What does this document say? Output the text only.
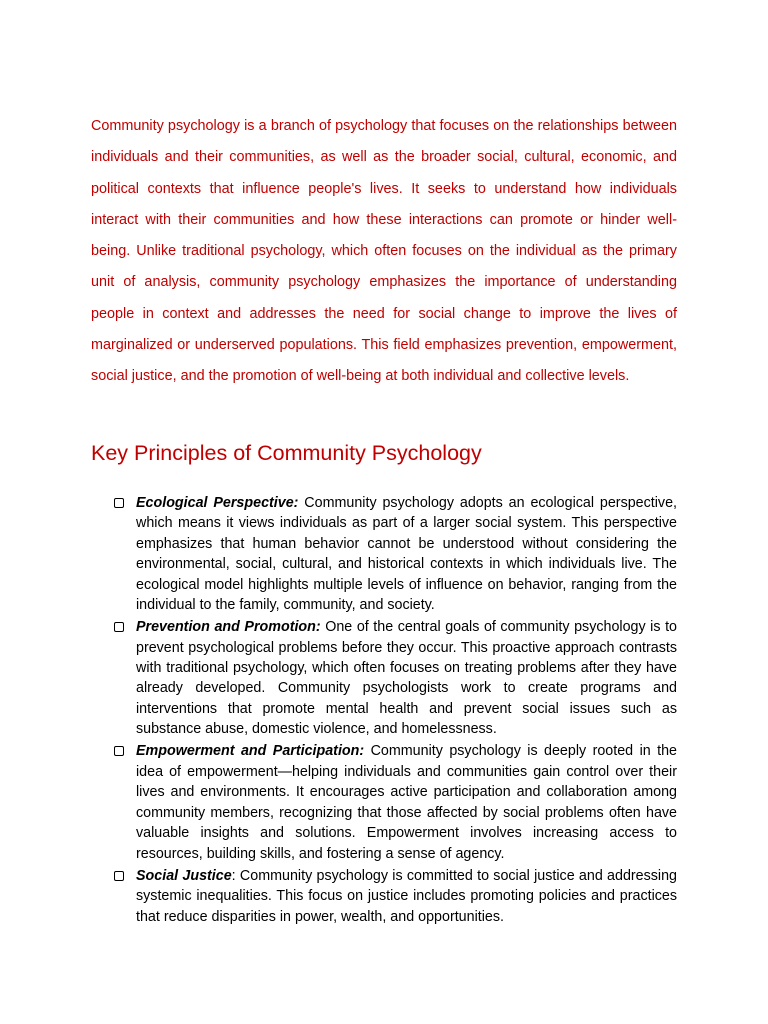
Community psychology is a branch of psychology that focuses on the relationships between individuals and their communities, as well as the broader social, cultural, economic, and political contexts that influence people's lives. It seeks to understand how individuals interact with their communities and how these interactions can promote or hinder well-being. Unlike traditional psychology, which often focuses on the individual as the primary unit of analysis, community psychology emphasizes the importance of understanding people in context and addresses the need for social change to improve the lives of marginalized or underserved populations. This field emphasizes prevention, empowerment, social justice, and the promotion of well-being at both individual and collective levels.

Key Principles of Community Psychology
Ecological Perspective: Community psychology adopts an ecological perspective, which means it views individuals as part of a larger social system. This perspective emphasizes that human behavior cannot be understood without considering the environmental, social, cultural, and historical contexts in which individuals live. The ecological model highlights multiple levels of influence on behavior, ranging from the individual to the family, community, and society.
Prevention and Promotion: One of the central goals of community psychology is to prevent psychological problems before they occur. This proactive approach contrasts with traditional psychology, which often focuses on treating problems after they have already developed. Community psychologists work to create programs and interventions that promote mental health and prevent social issues such as substance abuse, domestic violence, and homelessness.
Empowerment and Participation: Community psychology is deeply rooted in the idea of empowerment—helping individuals and communities gain control over their lives and environments. It encourages active participation and collaboration among community members, recognizing that those affected by social problems often have valuable insights and solutions. Empowerment involves increasing access to resources, building skills, and fostering a sense of agency.
Social Justice: Community psychology is committed to social justice and addressing systemic inequalities. This focus on justice includes promoting policies and practices that reduce disparities in power, wealth, and opportunities.
